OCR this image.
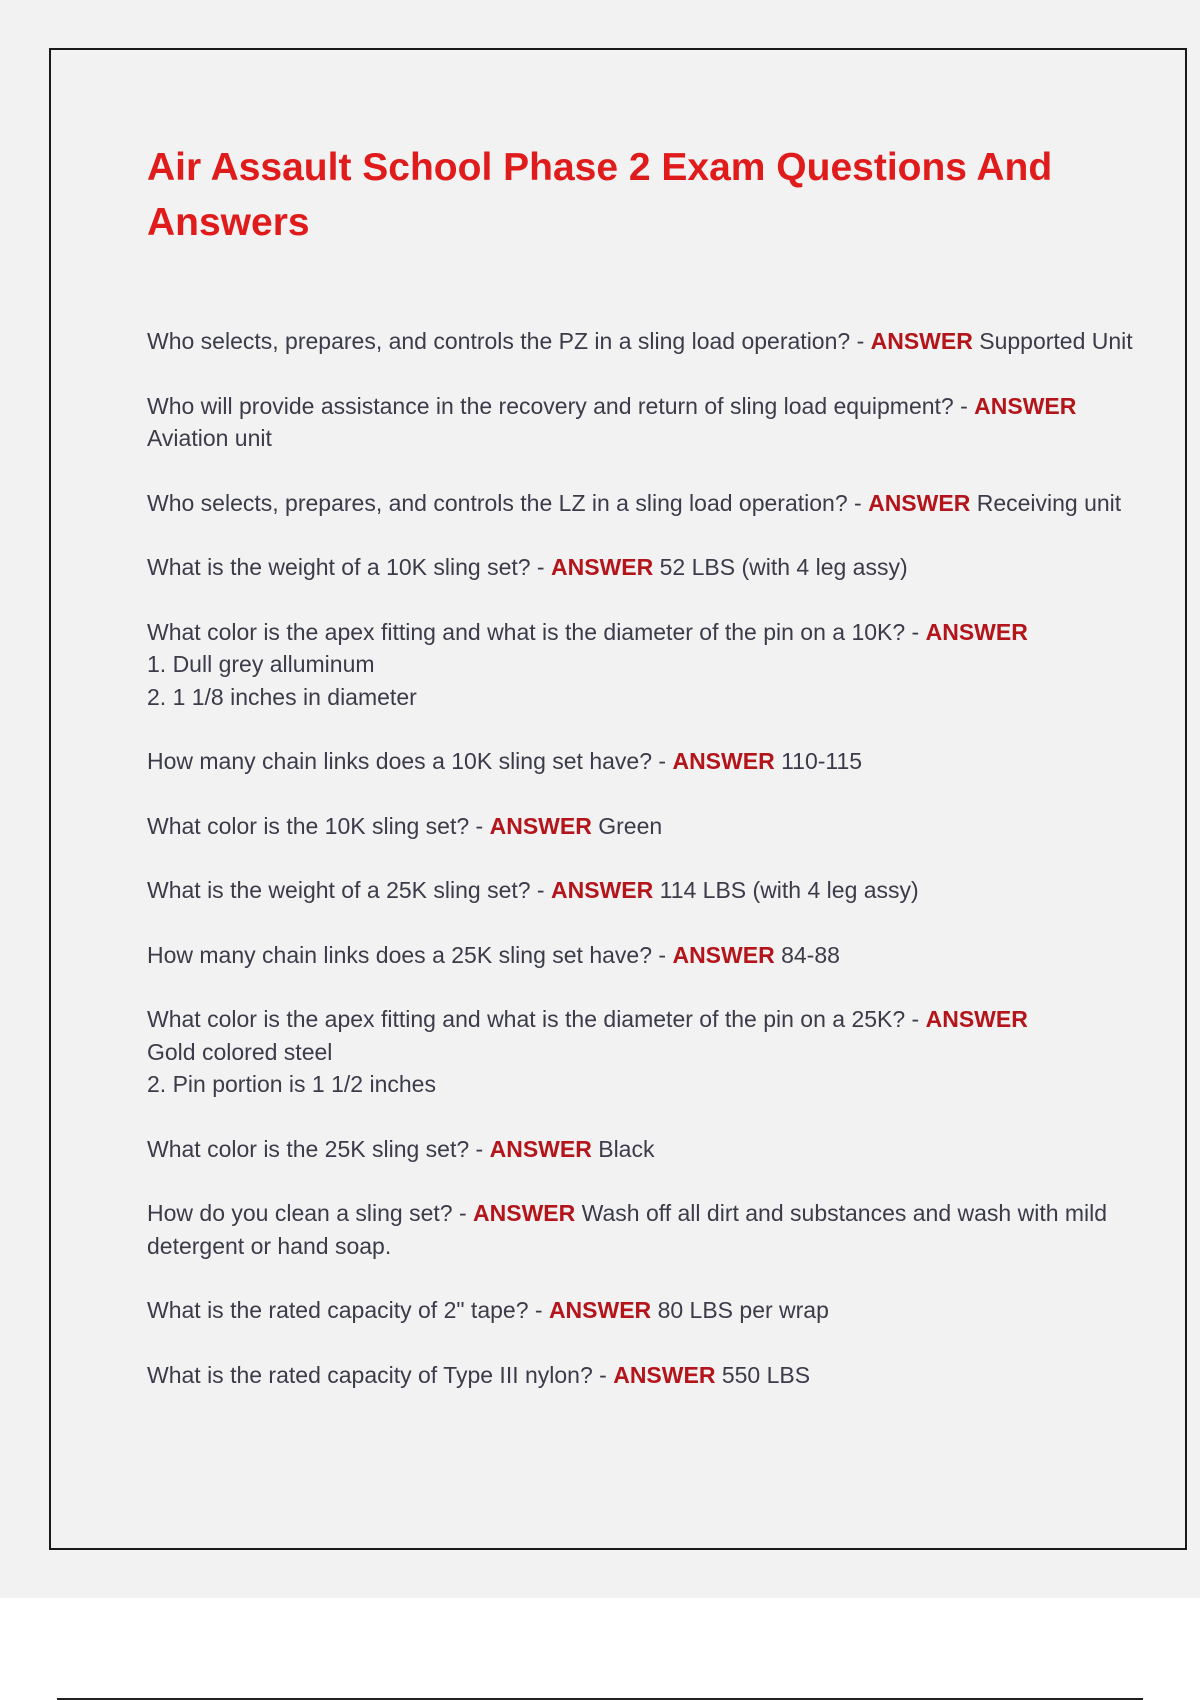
Air Assault School Phase 2 Exam Questions And Answers

Who selects, prepares, and controls the PZ in a sling load operation? - ANSWER Supported Unit

Who will provide assistance in the recovery and return of sling load equipment? - ANSWER Aviation unit

Who selects, prepares, and controls the LZ in a sling load operation? - ANSWER Receiving unit

What is the weight of a 10K sling set? - ANSWER 52 LBS (with 4 leg assy)

What color is the apex fitting and what is the diameter of the pin on a 10K? - ANSWER
1. Dull grey alluminum
2. 1 1/8 inches in diameter

How many chain links does a 10K sling set have? - ANSWER 110-115

What color is the 10K sling set? - ANSWER Green

What is the weight of a 25K sling set? - ANSWER 114 LBS (with 4 leg assy)

How many chain links does a 25K sling set have? - ANSWER 84-88

What color is the apex fitting and what is the diameter of the pin on a 25K? - ANSWER
Gold colored steel
2. Pin portion is 1 1/2 inches

What color is the 25K sling set? - ANSWER Black

How do you clean a sling set? - ANSWER Wash off all dirt and substances and wash with mild detergent or hand soap.

What is the rated capacity of 2" tape? - ANSWER 80 LBS per wrap

What is the rated capacity of Type III nylon? - ANSWER 550 LBS
